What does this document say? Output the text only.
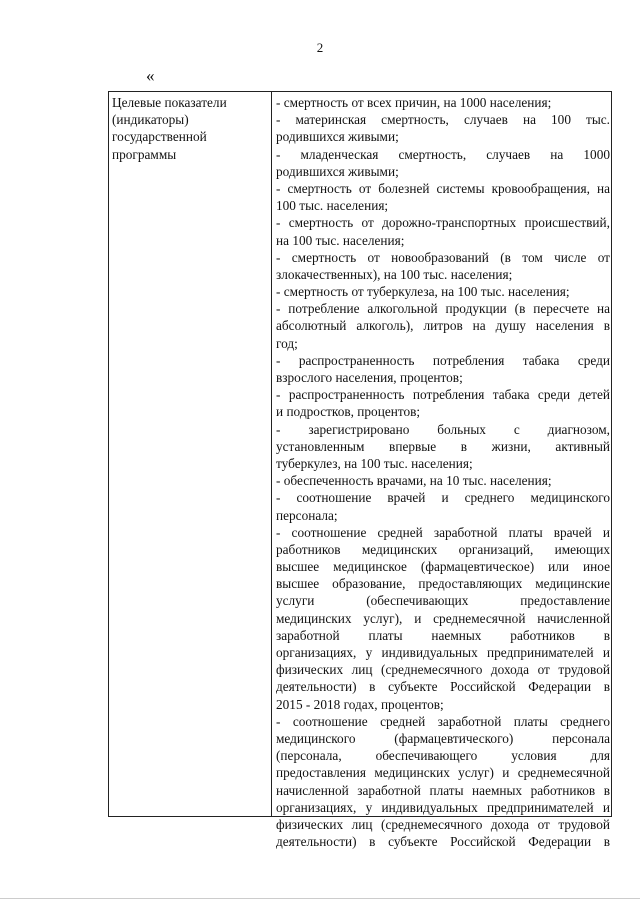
2
«
Целевые показатели
(индикаторы)
государственной
программы
- смертность от всех причин, на 1000 населения;
- материнская смертность, случаев на 100 тыс.
родившихся живыми;
- младенческая смертность, случаев на 1000
родившихся живыми;
- смертность от болезней системы кровообращения, на
100 тыс. населения;
- смертность от дорожно-транспортных происшествий,
на 100 тыс. населения;
- смертность от новообразований (в том числе от
злокачественных), на 100 тыс. населения;
- смертность от туберкулеза, на 100 тыс. населения;
- потребление алкогольной продукции (в пересчете на
абсолютный алкоголь), литров на душу населения в
год;
- распространенность потребления табака среди
взрослого населения, процентов;
- распространенность потребления табака среди детей
и подростков, процентов;
- зарегистрировано больных с диагнозом,
установленным впервые в жизни, активный
туберкулез, на 100 тыс. населения;
- обеспеченность врачами, на 10 тыс. населения;
- соотношение врачей и среднего медицинского
персонала;
- соотношение средней заработной платы врачей и
работников медицинских организаций, имеющих
высшее медицинское (фармацевтическое) или иное
высшее образование, предоставляющих медицинские
услуги (обеспечивающих предоставление
медицинских услуг), и среднемесячной начисленной
заработной платы наемных работников в
организациях, у индивидуальных предпринимателей и
физических лиц (среднемесячного дохода от трудовой
деятельности) в субъекте Российской Федерации в
2015 - 2018 годах, процентов;
- соотношение средней заработной платы среднего
медицинского (фармацевтического) персонала
(персонала, обеспечивающего условия для
предоставления медицинских услуг) и среднемесячной
начисленной заработной платы наемных работников в
организациях, у индивидуальных предпринимателей и
физических лиц (среднемесячного дохода от трудовой
деятельности) в субъекте Российской Федерации в
